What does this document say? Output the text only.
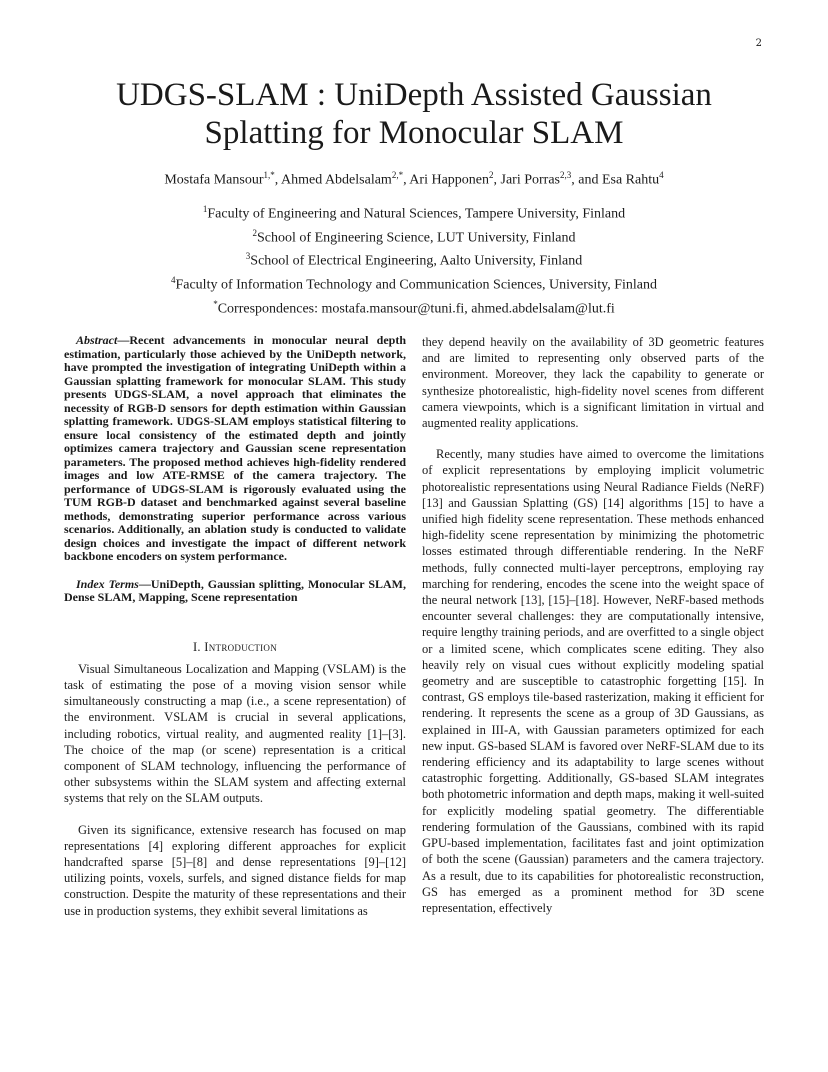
2
UDGS-SLAM : UniDepth Assisted Gaussian
Splatting for Monocular SLAM
Mostafa Mansour$^{1,*}$, Ahmed Abdelsalam$^{2,*}$, Ari Happonen$^2$, Jari Porras$^{2,3}$, and Esa Rahtu$^4$
$^1$Faculty of Engineering and Natural Sciences, Tampere University, Finland
$^2$School of Engineering Science, LUT University, Finland
$^3$School of Electrical Engineering, Aalto University, Finland
$^4$Faculty of Information Technology and Communication Sciences, University, Finland
*Correspondences: mostafa.mansour@tuni.fi, ahmed.abdelsalam@lut.fi

Abstract—Recent advancements in monocular neural depth estimation, particularly those achieved by the UniDepth network, have prompted the investigation of integrating UniDepth within a Gaussian splatting framework for monocular SLAM. This study presents UDGS-SLAM, a novel approach that eliminates the necessity of RGB-D sensors for depth estimation within Gaussian splatting framework. UDGS-SLAM employs statistical filtering to ensure local consistency of the estimated depth and jointly optimizes camera trajectory and Gaussian scene representation parameters. The proposed method achieves high-fidelity rendered images and low ATE-RMSE of the camera trajectory. The performance of UDGS-SLAM is rigorously evaluated using the TUM RGB-D dataset and benchmarked against several baseline methods, demonstrating superior performance across various scenarios. Additionally, an ablation study is conducted to validate design choices and investigate the impact of different network backbone encoders on system performance.

Index Terms—UniDepth, Gaussian splitting, Monocular SLAM, Dense SLAM, Mapping, Scene representation

I. Introduction

Visual Simultaneous Localization and Mapping (VSLAM) is the task of estimating the pose of a moving vision sensor while simultaneously constructing a map (i.e., a scene representation) of the environment. VSLAM is crucial in several applications, including robotics, virtual reality, and augmented reality [1]–[3]. The choice of the map (or scene) representation is a critical component of SLAM technology, influencing the performance of other subsystems within the SLAM system and affecting external systems that rely on the SLAM outputs.

Given its significance, extensive research has focused on map representations [4] exploring different approaches for explicit handcrafted sparse [5]–[8] and dense representations [9]–[12] utilizing points, voxels, surfels, and signed distance fields for map construction. Despite the maturity of these representations and their use in production systems, they exhibit several limitations as

they depend heavily on the availability of 3D geometric features and are limited to representing only observed parts of the environment. Moreover, they lack the capability to generate or synthesize photorealistic, high-fidelity novel scenes from different camera viewpoints, which is a significant limitation in virtual and augmented reality applications.

Recently, many studies have aimed to overcome the limitations of explicit representations by employing implicit volumetric photorealistic representations using Neural Radiance Fields (NeRF) [13] and Gaussian Splatting (GS) [14] algorithms [15] to have a unified high fidelity scene representation. These methods enhanced high-fidelity scene representation by minimizing the photometric losses estimated through differentiable rendering. In the NeRF methods, fully connected multi-layer perceptrons, employing ray marching for rendering, encodes the scene into the weight space of the neural network [13], [15]–[18]. However, NeRF-based methods encounter several challenges: they are computationally intensive, require lengthy training periods, and are overfitted to a single object or a limited scene, which complicates scene editing. They also heavily rely on visual cues without explicitly modeling spatial geometry and are susceptible to catastrophic forgetting [15]. In contrast, GS employs tile-based rasterization, making it efficient for rendering. It represents the scene as a group of 3D Gaussians, as explained in III-A, with Gaussian parameters optimized for each new input. GS-based SLAM is favored over NeRF-SLAM due to its rendering efficiency and its adaptability to large scenes without catastrophic forgetting. Additionally, GS-based SLAM integrates both photometric information and depth maps, making it well-suited for explicitly modeling spatial geometry. The differentiable rendering formulation of the Gaussians, combined with its rapid GPU-based implementation, facilitates fast and joint optimization of both the scene (Gaussian) parameters and the camera trajectory. As a result, due to its capabilities for photorealistic reconstruction, GS has emerged as a prominent method for 3D scene representation, effectively
